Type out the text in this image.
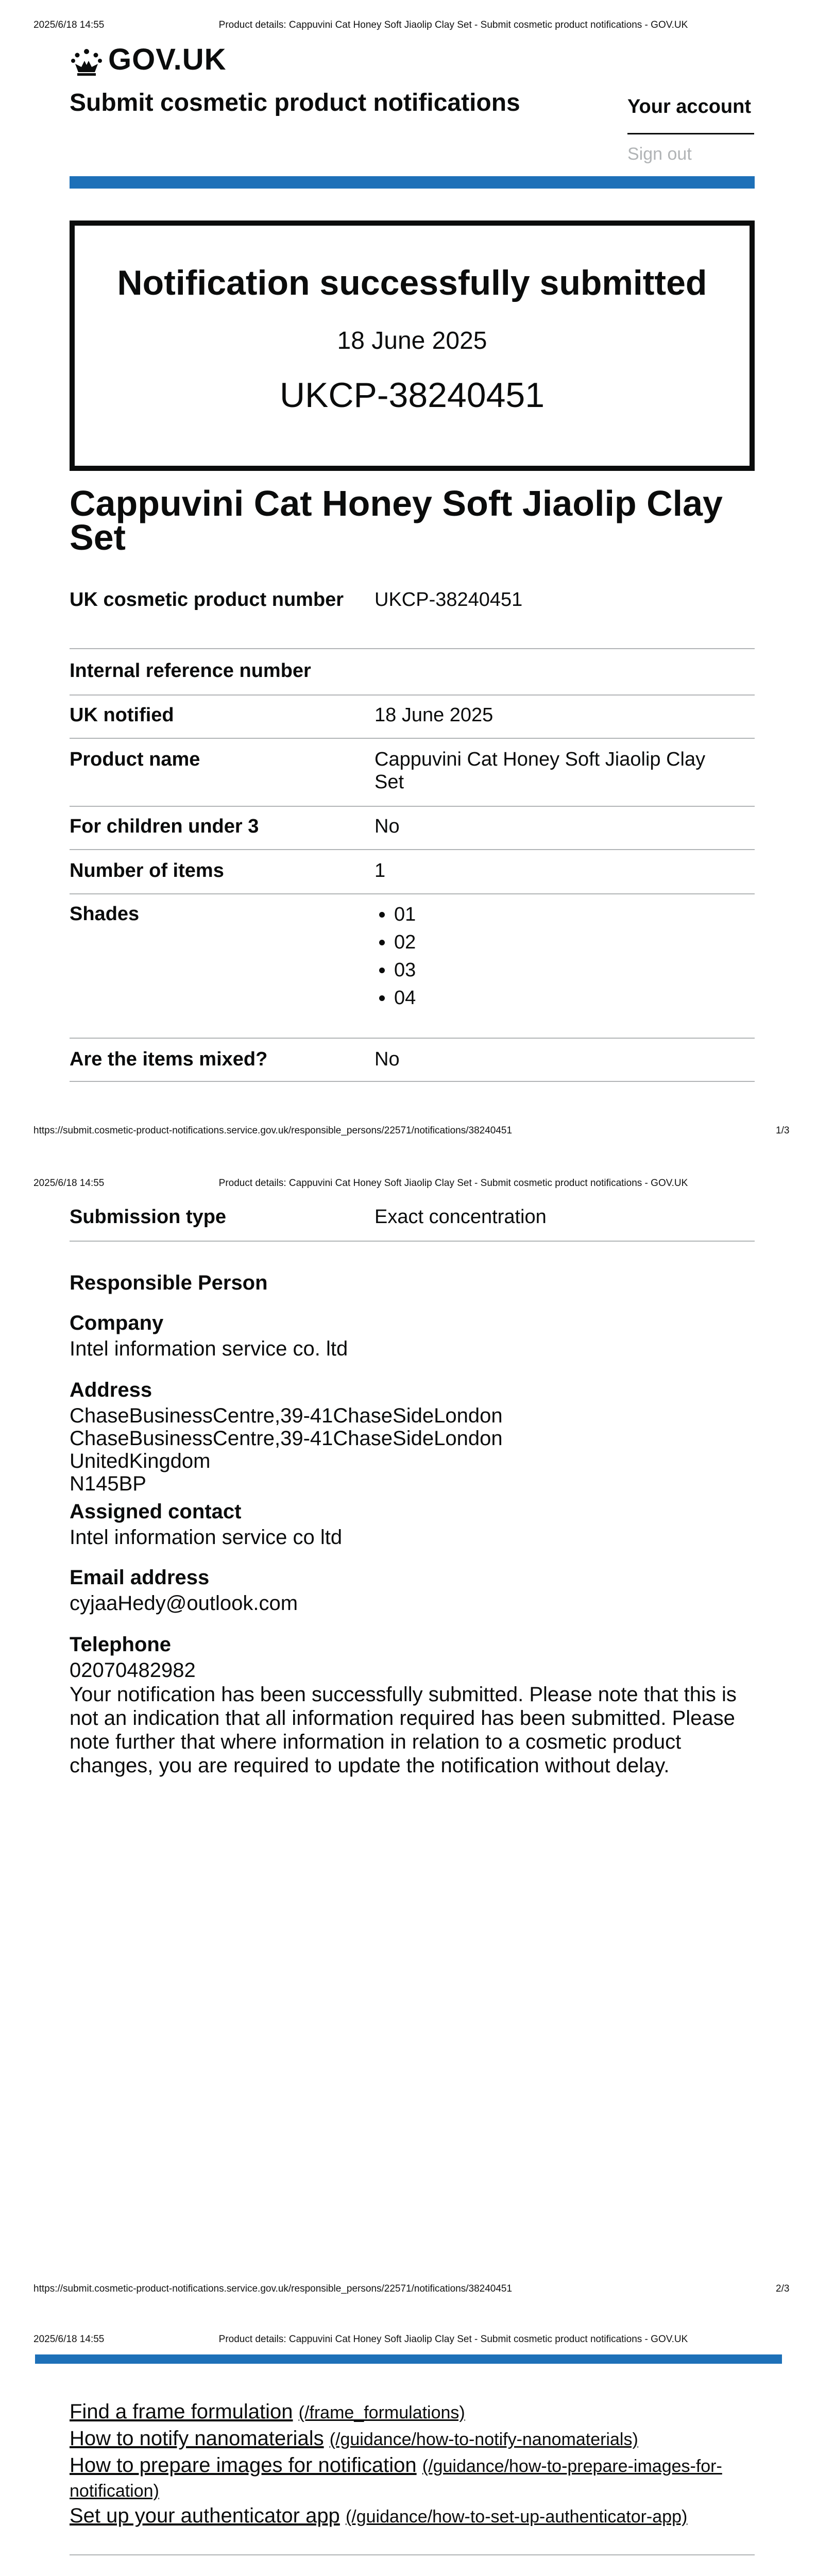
2025/6/18 14:55	Product details: Cappuvini Cat Honey Soft Jiaolip Clay Set - Submit cosmetic product notifications - GOV.UK
GOV.UK
Submit cosmetic product notifications	Your account
Sign out
Notification successfully submitted
18 June 2025
UKCP-38240451
Cappuvini Cat Honey Soft Jiaolip Clay Set
UK cosmetic product number	UKCP-38240451
Internal reference number
UK notified	18 June 2025
Product name	Cappuvini Cat Honey Soft Jiaolip Clay Set
For children under 3	No
Number of items	1
Shades
•	01
• 02
• 03
• 04
Are the items mixed?	No
https://submit.cosmetic-product-notifications.service.gov.uk/responsible_persons/22571/notifications/38240451	1/3
2025/6/18 14:55	Product details: Cappuvini Cat Honey Soft Jiaolip Clay Set - Submit cosmetic product notifications - GOV.UK
Submission type	Exact concentration
Responsible Person
Company
Intel information service co. ltd
Address
ChaseBusinessCentre,39-41ChaseSideLondon
ChaseBusinessCentre,39-41ChaseSideLondon
UnitedKingdom
N145BP
Assigned contact
Intel information service co ltd
Email address
cyjaaHedy@outlook.com
Telephone
02070482982
Your notification has been successfully submitted. Please note that this is not an indication that all information required has been submitted. Please note further that where information in relation to a cosmetic product changes, you are required to update the notification without delay.
https://submit.cosmetic-product-notifications.service.gov.uk/responsible_persons/22571/notifications/38240451	2/3
2025/6/18 14:55	Product details: Cappuvini Cat Honey Soft Jiaolip Clay Set - Submit cosmetic product notifications - GOV.UK
Find a frame formulation (/frame_formulations)
How to notify nanomaterials (/guidance/how-to-notify-nanomaterials)
How to prepare images for notification (/guidance/how-to-prepare-images-for-notification)
Set up your authenticator app (/guidance/how-to-set-up-authenticator-app)
